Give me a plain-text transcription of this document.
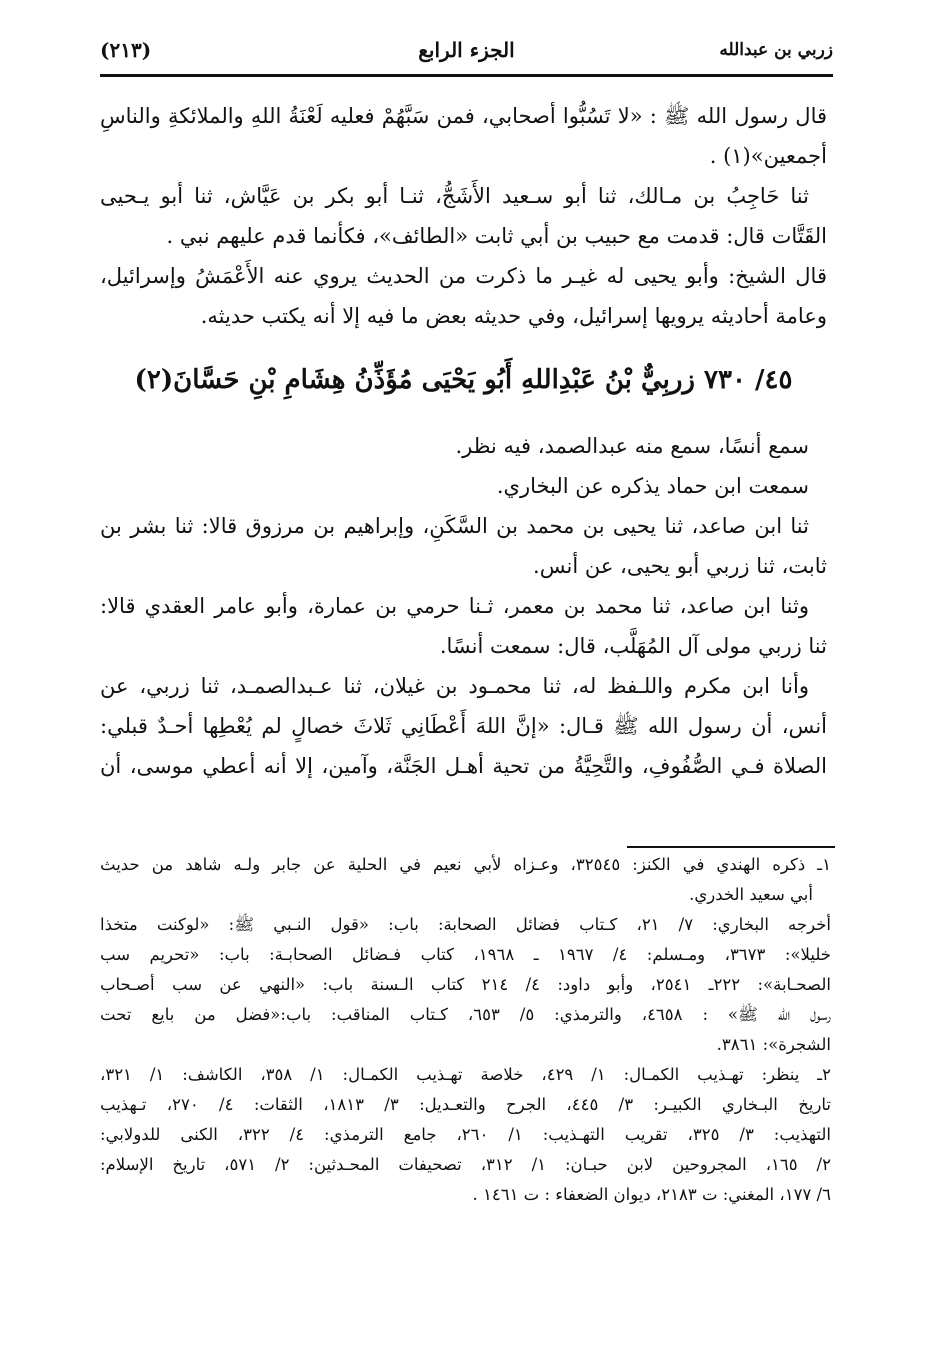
زربي بن عبدالله
الجزء الرابع
(٢١٣)
قال رسول الله ﷺ : «لا تَسُبُّوا أصحابي، فمن سَبَّهُمْ فعليه لَعْنَةُ اللهِ والملائكةِ والناسِ
أجمعين»(١) .
ثنا حَاجِبُ بن مـالك، ثنا أبو سـعيد الأَشَجُّ، ثنـا أبو بكر بن عَيَّاش، ثنا أبو يـحيى
القَتَّات قال: قدمت مع حبيب بن أبي ثابت «الطائف»، فكأنما قدم عليهم نبي .
قال الشيخ: وأبو يحيى له غيـر ما ذكرت من الحديث يروي عنه الأَعْمَشُ وإسرائيل،
وعامة أحاديثه يرويها إسرائيل، وفي حديثه بعض ما فيه إلا أنه يكتب حديثه.
٤٥/ ٧٣٠ زربِيٌّ بْنُ عَبْدِاللهِ أَبُو يَحْيَى مُؤَذِّنُ هِشَامِ بْنِ حَسَّانَ(٢)
سمع أنسًا، سمع منه عبدالصمد، فيه نظر.
سمعت ابن حماد يذكره عن البخاري.
ثنا ابن صاعد، ثنا يحيى بن محمد بن السَّكَنِ، وإبراهيم بن مرزوق قالا: ثنا بشر بن
ثابت، ثنا زربي أبو يحيى، عن أنس.
وثنا ابن صاعد، ثنا محمد بن معمر، ثـنا حرمي بن عمارة، وأبو عامر العقدي قالا:
ثنا زربي مولى آل المُهَلَّب، قال: سمعت أنسًا.
وأنا ابن مكرم واللـفظ له، ثنا محمـود بن غيلان، ثنا عـبدالصمـد، ثنا زربي، عن
أنس، أن رسول الله ﷺ قـال: «إنَّ اللهَ أَعْطَانِي ثَلاثَ خصالٍ لم يُعْطِها أحـدٌ قبلي:
الصلاة فـي الصُّفُوفِ، والتَّحِيَّةُ من تحية أهـل الجَنَّة، وآمين، إلا أنه أعطي موسى، أن
١ـ ذكره الهندي في الكنز: ٣٢٥٤٥، وعـزاه لأبي نعيم في الحلية عن جابر ولـه شاهد من حديث
أبي سعيد الخدري.
أخرجه البخاري: ٧/ ٢١، كـتاب فضائل الصحابة: باب: «قول النـبي ﷺ: «لوكنت متخذا
خليلا»: ٣٦٧٣، ومـسلم: ٤/ ١٩٦٧ ـ ١٩٦٨، كتاب فـضائل الصحابـة: باب: «تحريم سب
الصحـابة»: ٢٢٢ـ ٢٥٤١، وأبو داود: ٤/ ٢١٤ كتاب الـسنة باب: «النهي عن سب أصـحاب
رسول الله ﷺ» : ٤٦٥٨، والترمذي: ٥/ ٦٥٣، كـتاب المناقب: باب:«فضل من بايع تحت
الشجرة»: ٣٨٦١.
٢ـ ينظر: تهـذيب الكمـال: ١/ ٤٢٩، خلاصة تهـذيب الكمـال: ١/ ٣٥٨، الكاشف: ١/ ٣٢١،
تاريخ البـخاري الكبيـر: ٣/ ٤٤٥، الجرح والتعـديل: ٣/ ١٨١٣، الثقات: ٤/ ٢٧٠، تـهذيب
التهذيب: ٣/ ٣٢٥، تقريب التهـذيب: ١/ ٢٦٠، جامع الترمذي: ٤/ ٣٢٢، الكنى للدولابي:
٢/ ١٦٥، المجروحين لابن حبـان: ١/ ٣١٢، تصحيفات المحـدثين: ٢/ ٥٧١، تاريخ الإسلام:
٦/ ١٧٧، المغني: ت ٢١٨٣، ديوان الضعفاء : ت ١٤٦١ .
